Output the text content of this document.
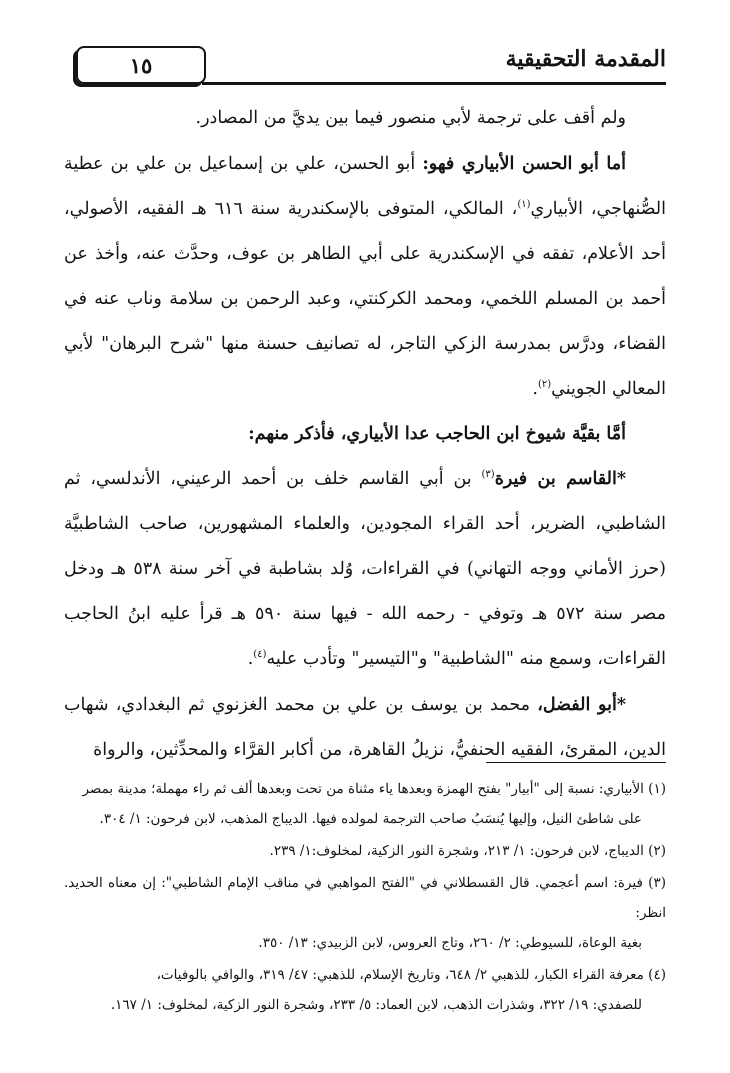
١٥	المقدمة التحقيقية

ولم أقف على ترجمة لأبي منصور فيما بين يديَّ من المصادر.

أما أبو الحسن الأبياري فهو: أبو الحسن، علي بن إسماعيل بن علي بن عطية الصُّنهاجي، الأبياري$^{(١)}$، المالكي، المتوفى بالإسكندرية سنة ٦١٦ هـ الفقيه، الأصولي، أحد الأعلام، تفقه في الإسكندرية على أبي الطاهر بن عوف، وحدَّث عنه، وأخذ عن أحمد بن المسلم اللخمي، ومحمد الكركنتي، وعبد الرحمن بن سلامة وناب عنه في القضاء، ودرَّس بمدرسة الزكي التاجر، له تصانيف حسنة منها "شرح البرهان" لأبي المعالي الجويني$^{(٢)}$.

أمَّا بقيَّة شيوخ ابن الحاجب عدا الأبياري، فأذكر منهم:

*القاسم بن فيرة$^{(٣)}$ بن أبي القاسم خلف بن أحمد الرعيني، الأندلسي، ثم الشاطبي، الضرير، أحد القراء المجودين، والعلماء المشهورين، صاحب الشاطبيَّة (حرز الأماني ووجه التهاني) في القراءات، وُلد بشاطبة في آخر سنة ٥٣٨ هـ ودخل مصر سنة ٥٧٢ هـ وتوفي - رحمه الله - فيها سنة ٥٩٠ هـ قرأ عليه ابنُ الحاجب القراءات، وسمع منه "الشاطبية" و"التيسير" وتأدب عليه$^{(٤)}$.

*أبو الفضل، محمد بن يوسف بن علي بن محمد الغزنوي ثم البغدادي، شهاب الدين، المقرئ، الفقيه الحنفيُّ، نزيلُ القاهرة، من أكابر القرَّاء والمحدِّثين، والرواة

(١) الأبياري: نسبة إلى "أبيار" بفتح الهمزة وبعدها ياء مثناة من تحت وبعدها ألف ثم راء مهملة؛ مدينة بمصر
على شاطئ النيل، وإليها يُنسَبُ صاحب الترجمة لمولده فيها. الديباج المذهب، لابن فرحون: ١/ ٣٠٤.

(٢) الديباج، لابن فرحون: ١/ ٢١٣، وشجرة النور الزكية، لمخلوف:١/ ٢٣٩.

(٣) فيرة: اسم أعجمي. قال القسطلاني في "الفتح المواهبي في مناقب الإمام الشاطبي": إن معناه الحديد. انظر:
بغية الوعاة، للسيوطي: ٢/ ٢٦٠، وتاج العروس، لابن الزبيدي: ١٣/ ٣٥٠.

(٤) معرفة القراء الكبار، للذهبي ٢/ ٦٤٨، وتاريخ الإسلام، للذهبي: ٤٧/ ٣١٩، والوافي بالوفيات،
للصفدي: ١٩/ ٣٢٢، وشذرات الذهب، لابن العماد: ٥/ ٢٣٣، وشجرة النور الزكية، لمخلوف: ١/ ١٦٧.
